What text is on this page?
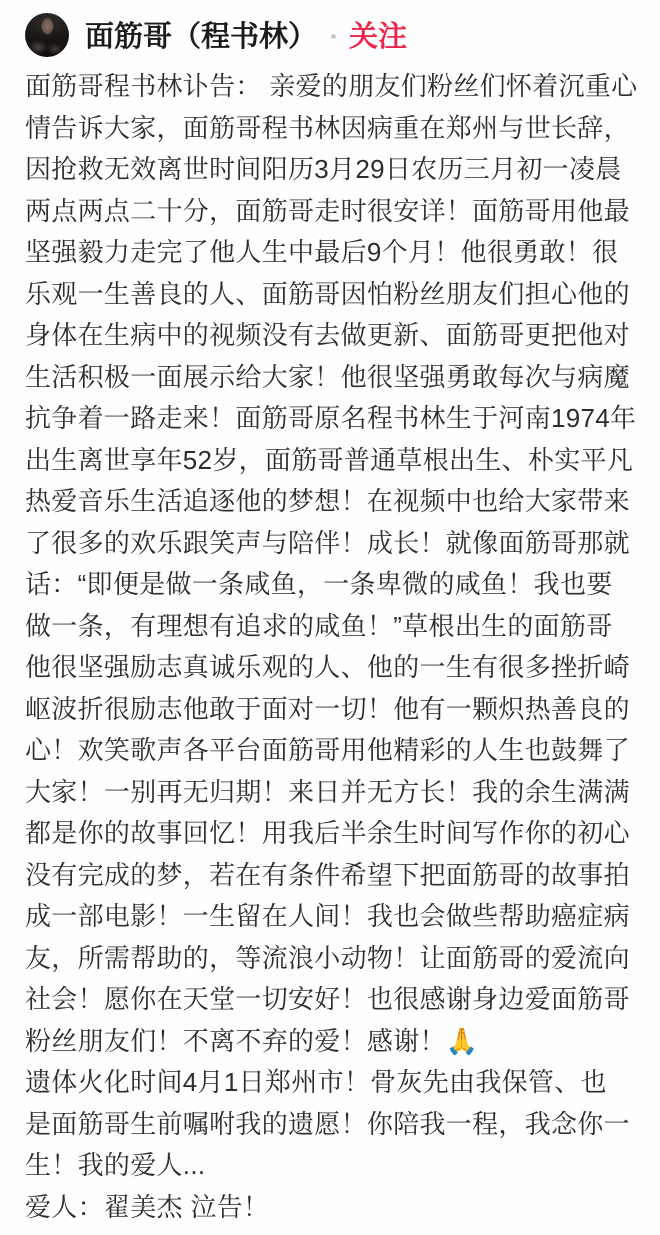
面筋哥（程书林） 关注
面筋哥程书林讣告： 亲爱的朋友们粉丝们怀着沉重心
情告诉大家，面筋哥程书林因病重在郑州与世长辞，
因抢救无效离世时间阳历3月29日农历三月初一凌晨
两点两点二十分，面筋哥走时很安详！面筋哥用他最
坚强毅力走完了他人生中最后9个月！他很勇敢！很
乐观一生善良的人、面筋哥因怕粉丝朋友们担心他的
身体在生病中的视频没有去做更新、面筋哥更把他对
生活积极一面展示给大家！他很坚强勇敢每次与病魔
抗争着一路走来！面筋哥原名程书林生于河南1974年
出生离世享年52岁，面筋哥普通草根出生、朴实平凡
热爱音乐生活追逐他的梦想！在视频中也给大家带来
了很多的欢乐跟笑声与陪伴！成长！就像面筋哥那就
话：“即便是做一条咸鱼，一条卑微的咸鱼！我也要
做一条，有理想有追求的咸鱼！”草根出生的面筋哥
他很坚强励志真诚乐观的人、他的一生有很多挫折崎
岖波折很励志他敢于面对一切！他有一颗炽热善良的
心！欢笑歌声各平台面筋哥用他精彩的人生也鼓舞了
大家！一别再无归期！来日并无方长！我的余生满满
都是你的故事回忆！用我后半余生时间写作你的初心
没有完成的梦，若在有条件希望下把面筋哥的故事拍
成一部电影！一生留在人间！我也会做些帮助癌症病
友，所需帮助的，等流浪小动物！让面筋哥的爱流向
社会！愿你在天堂一切安好！也很感谢身边爱面筋哥
粉丝朋友们！不离不弃的爱！感谢！🙏
遗体火化时间4月1日郑州市！骨灰先由我保管、也
是面筋哥生前嘱咐我的遗愿！你陪我一程，我念你一
生！我的爱人...
爱人：翟美杰 泣告！
